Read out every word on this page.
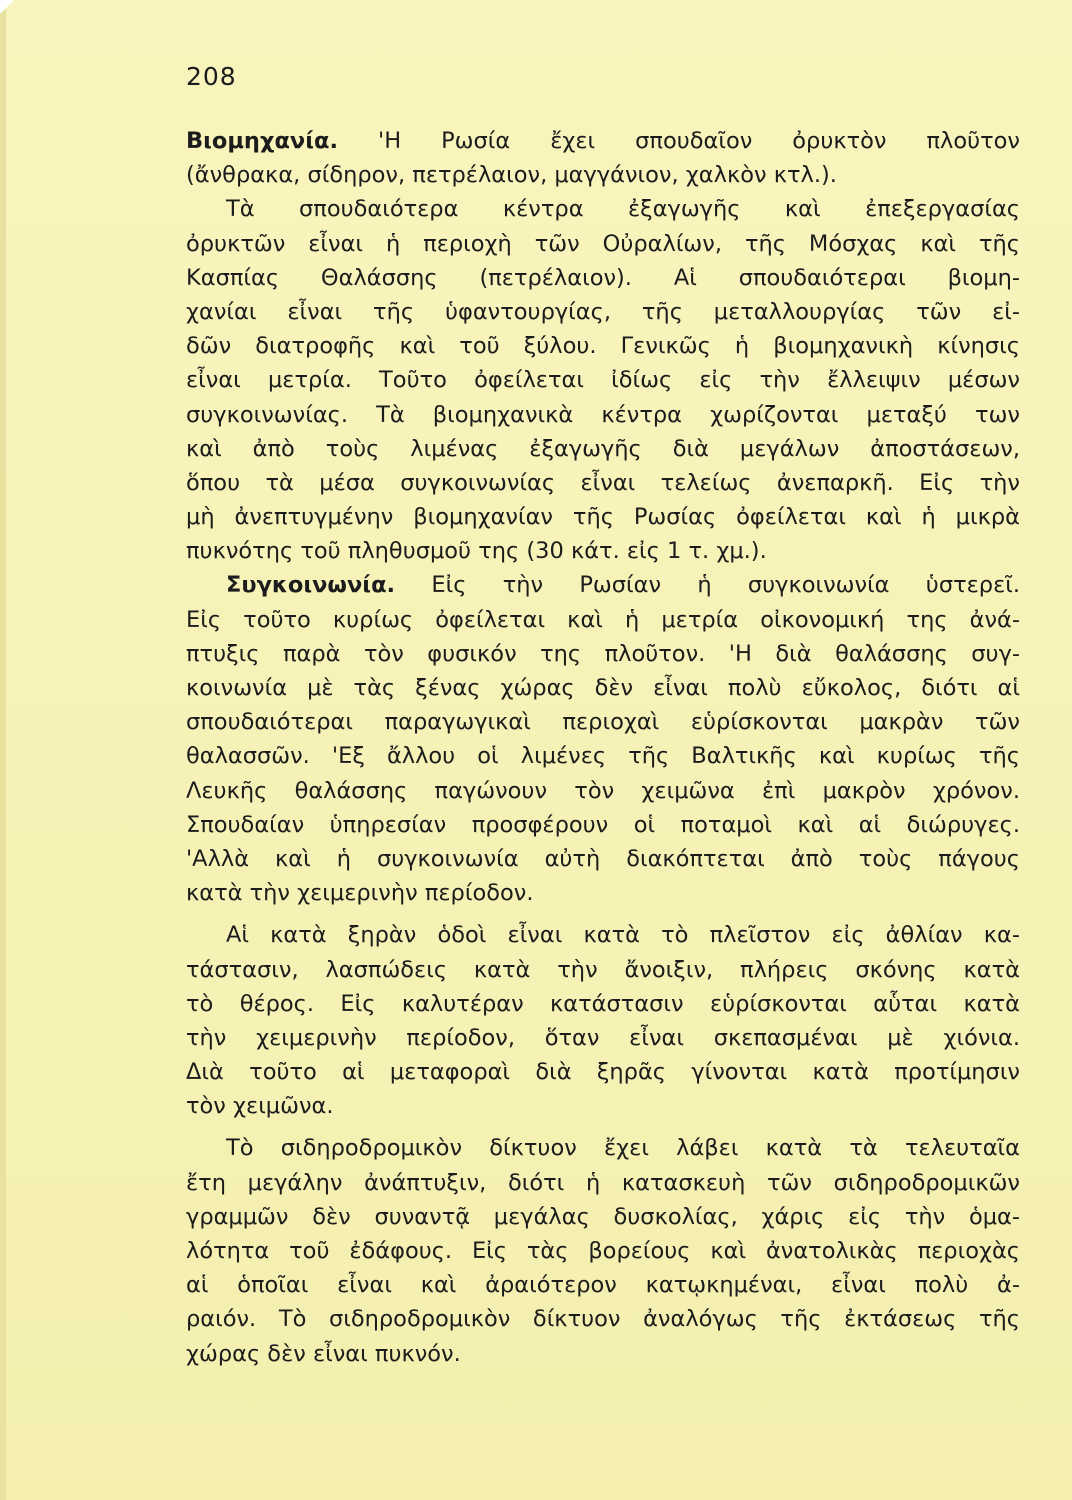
208
Βιομηχανία. 'Η Ρωσία ἔχει σπουδαῖον ὀρυκτὸν πλοῦτον
(ἄνθρακα, σίδηρον, πετρέλαιον, μαγγάνιον, χαλκὸν κτλ.).
Τὰ σπουδαιότερα κέντρα ἐξαγωγῆς καὶ ἐπεξεργασίας
ὀρυκτῶν εἶναι ἡ περιοχὴ τῶν Οὐραλίων, τῆς Μόσχας καὶ τῆς
Κασπίας Θαλάσσης (πετρέλαιον). Αἱ σπουδαιότεραι βιομη-
χανίαι εἶναι τῆς ὑφαντουργίας, τῆς μεταλλουργίας τῶν εἰ-
δῶν διατροφῆς καὶ τοῦ ξύλου. Γενικῶς ἡ βιομηχανικὴ κίνησις
εἶναι μετρία. Τοῦτο ὀφείλεται ἰδίως εἰς τὴν ἔλλειψιν μέσων
συγκοινωνίας. Τὰ βιομηχανικὰ κέντρα χωρίζονται μεταξύ των
καὶ ἀπὸ τοὺς λιμένας ἐξαγωγῆς διὰ μεγάλων ἀποστάσεων,
ὅπου τὰ μέσα συγκοινωνίας εἶναι τελείως ἀνεπαρκῆ. Εἰς τὴν
μὴ ἀνεπτυγμένην βιομηχανίαν τῆς Ρωσίας ὀφείλεται καὶ ἡ μικρὰ
πυκνότης τοῦ πληθυσμοῦ της (30 κάτ. εἰς 1 τ. χμ.).
Συγκοινωνία. Εἰς τὴν Ρωσίαν ἡ συγκοινωνία ὑστερεῖ.
Εἰς τοῦτο κυρίως ὀφείλεται καὶ ἡ μετρία οἰκονομική της ἀνά-
πτυξις παρὰ τὸν φυσικόν της πλοῦτον. 'Η διὰ θαλάσσης συγ-
κοινωνία μὲ τὰς ξένας χώρας δὲν εἶναι πολὺ εὔκολος, διότι αἱ
σπουδαιότεραι παραγωγικαὶ περιοχαὶ εὑρίσκονται μακρὰν τῶν
θαλασσῶν. 'Εξ ἄλλου οἱ λιμένες τῆς Βαλτικῆς καὶ κυρίως τῆς
Λευκῆς θαλάσσης παγώνουν τὸν χειμῶνα ἐπὶ μακρὸν χρόνον.
Σπουδαίαν ὑπηρεσίαν προσφέρουν οἱ ποταμοὶ καὶ αἱ διώρυγες.
'Αλλὰ καὶ ἡ συγκοινωνία αὐτὴ διακόπτεται ἀπὸ τοὺς πάγους
κατὰ τὴν χειμερινὴν περίοδον.
Αἱ κατὰ ξηρὰν ὁδοὶ εἶναι κατὰ τὸ πλεῖστον εἰς ἀθλίαν κα-
τάστασιν, λασπώδεις κατὰ τὴν ἄνοιξιν, πλήρεις σκόνης κατὰ
τὸ θέρος. Εἰς καλυτέραν κατάστασιν εὑρίσκονται αὗται κατὰ
τὴν χειμερινὴν περίοδον, ὅταν εἶναι σκεπασμέναι μὲ χιόνια.
Διὰ τοῦτο αἱ μεταφοραὶ διὰ ξηρᾶς γίνονται κατὰ προτίμησιν
τὸν χειμῶνα.
Τὸ σιδηροδρομικὸν δίκτυον ἔχει λάβει κατὰ τὰ τελευταῖα
ἔτη μεγάλην ἀνάπτυξιν, διότι ἡ κατασκευὴ τῶν σιδηροδρομικῶν
γραμμῶν δὲν συναντᾷ μεγάλας δυσκολίας, χάρις εἰς τὴν ὁμα-
λότητα τοῦ ἐδάφους. Εἰς τὰς βορείους καὶ ἀνατολικὰς περιοχὰς
αἱ ὁποῖαι εἶναι καὶ ἀραιότερον κατῳκημέναι, εἶναι πολὺ ἀ-
ραιόν. Τὸ σιδηροδρομικὸν δίκτυον ἀναλόγως τῆς ἐκτάσεως τῆς
χώρας δὲν εἶναι πυκνόν.
